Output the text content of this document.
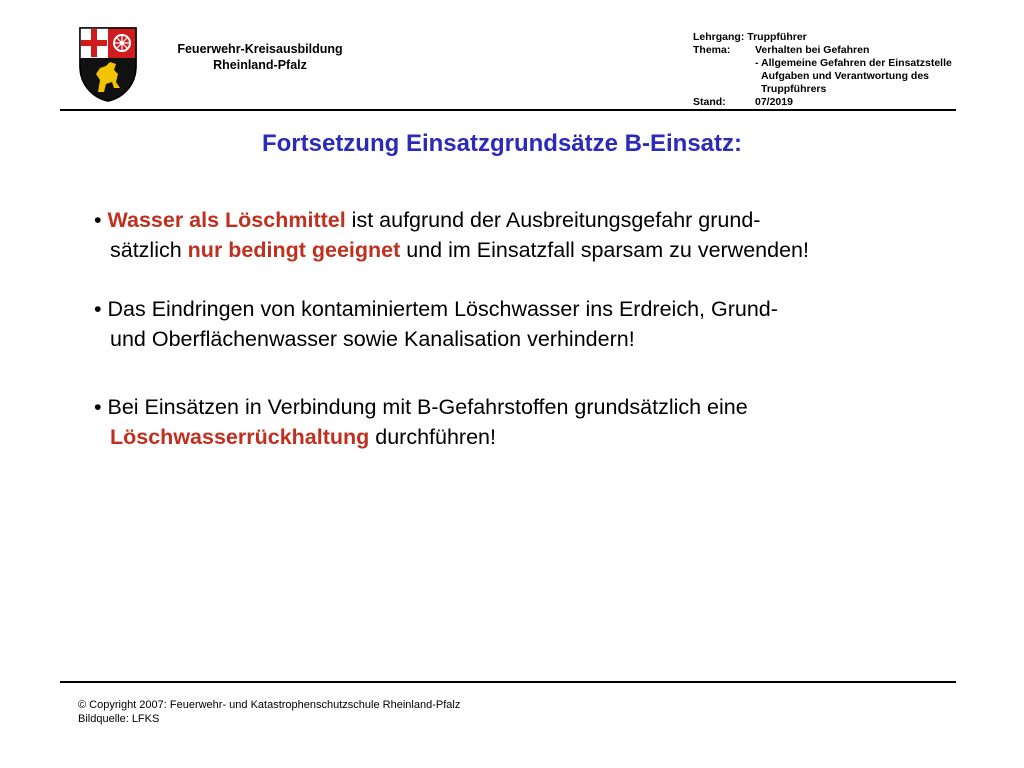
Feuerwehr-Kreisausbildung
Rheinland-Pfalz
Lehrgang: Truppführer
Thema:	Verhalten bei Gefahren
- Allgemeine Gefahren der Einsatzstelle
Aufgaben und Verantwortung des
Truppführers
Stand:	07/2019
Fortsetzung Einsatzgrundsätze B-Einsatz:
• Wasser als Löschmittel ist aufgrund der Ausbreitungsgefahr grund-
sätzlich nur bedingt geeignet und im Einsatzfall sparsam zu verwenden!
• Das Eindringen von kontaminiertem Löschwasser ins Erdreich, Grund-
und Oberflächenwasser sowie Kanalisation verhindern!
• Bei Einsätzen in Verbindung mit B-Gefahrstoffen grundsätzlich eine
Löschwasserrückhaltung durchführen!
© Copyright 2007: Feuerwehr- und Katastrophenschutzschule Rheinland-Pfalz
Bildquelle: LFKS
